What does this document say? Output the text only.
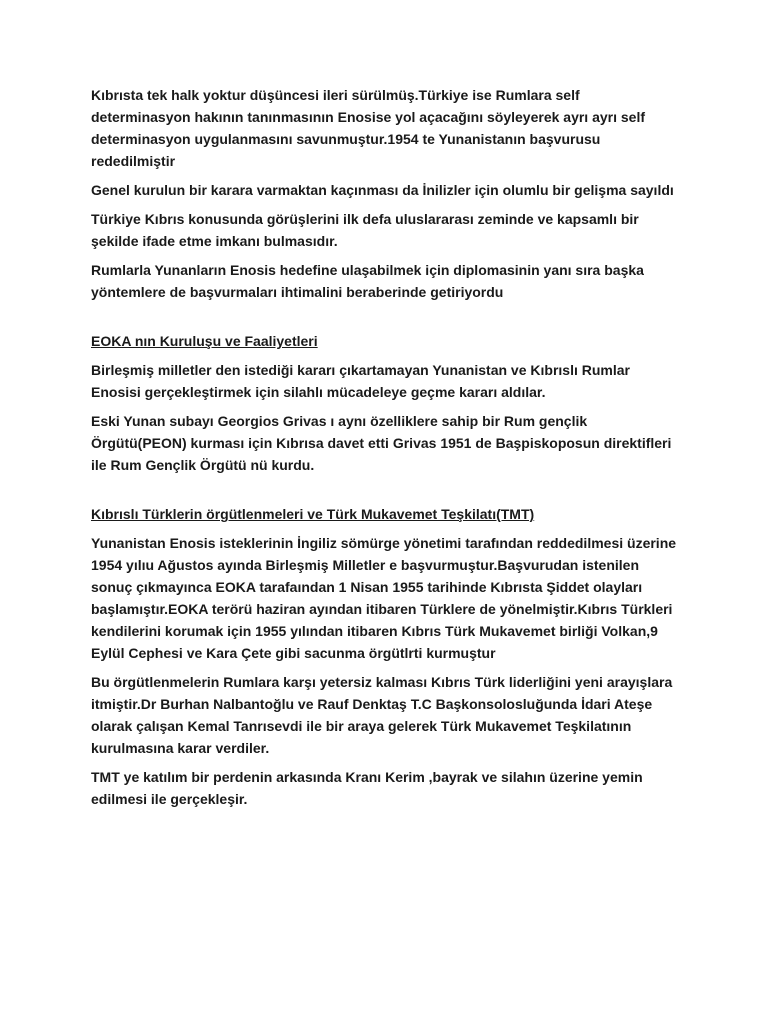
Kıbrısta tek halk yoktur düşüncesi ileri sürülmüş.Türkiye ise Rumlara self determinasyon hakının tanınmasının Enosise yol açacağını söyleyerek ayrı ayrı self determinasyon uygulanmasını savunmuştur.1954 te Yunanistanın başvurusu rededilmiştir

Genel kurulun bir karara varmaktan kaçınması da İnilizler için olumlu bir gelişma sayıldı

Türkiye Kıbrıs konusunda görüşlerini ilk defa uluslararası zeminde ve kapsamlı bir şekilde ifade etme imkanı bulmasıdır.

Rumlarla Yunanların Enosis hedefine ulaşabilmek için diplomasinin yanı sıra başka yöntemlere de başvurmaları ihtimalini beraberinde getiriyordu

EOKA nın Kuruluşu ve Faaliyetleri

Birleşmiş milletler den istediği kararı çıkartamayan Yunanistan ve Kıbrıslı Rumlar Enosisi gerçekleştirmek için silahlı mücadeleye geçme kararı aldılar.

Eski Yunan subayı Georgios Grivas ı aynı özelliklere sahip bir Rum gençlik Örgütü(PEON) kurması için Kıbrısa davet etti Grivas 1951 de Başpiskoposun direktifleri ile Rum Gençlik Örgütü nü kurdu.

Kıbrıslı Türklerin örgütlenmeleri ve Türk Mukavemet Teşkilatı(TMT)

Yunanistan Enosis isteklerinin İngiliz sömürge yönetimi tarafından reddedilmesi üzerine 1954 yılıu Ağustos ayında Birleşmiş Milletler e başvurmuştur.Başvurudan istenilen sonuç çıkmayınca EOKA tarafaından 1 Nisan 1955 tarihinde Kıbrısta Şiddet olayları başlamıştır.EOKA terörü haziran ayından itibaren Türklere de yönelmiştir.Kıbrıs Türkleri kendilerini korumak için 1955 yılından itibaren Kıbrıs Türk Mukavemet birliği Volkan,9 Eylül Cephesi ve Kara Çete gibi sacunma örgütlrti kurmuştur

Bu örgütlenmelerin Rumlara karşı yetersiz kalması Kıbrıs Türk liderliğini yeni arayışlara itmiştir.Dr Burhan Nalbantoğlu ve Rauf Denktaş T.C Başkonsolosluğunda İdari Ateşe olarak çalışan Kemal Tanrısevdi ile bir araya gelerek Türk Mukavemet Teşkilatının kurulmasına karar verdiler.

TMT ye katılım bir perdenin arkasında Kranı Kerim ,bayrak ve silahın üzerine yemin edilmesi ile gerçekleşir.
